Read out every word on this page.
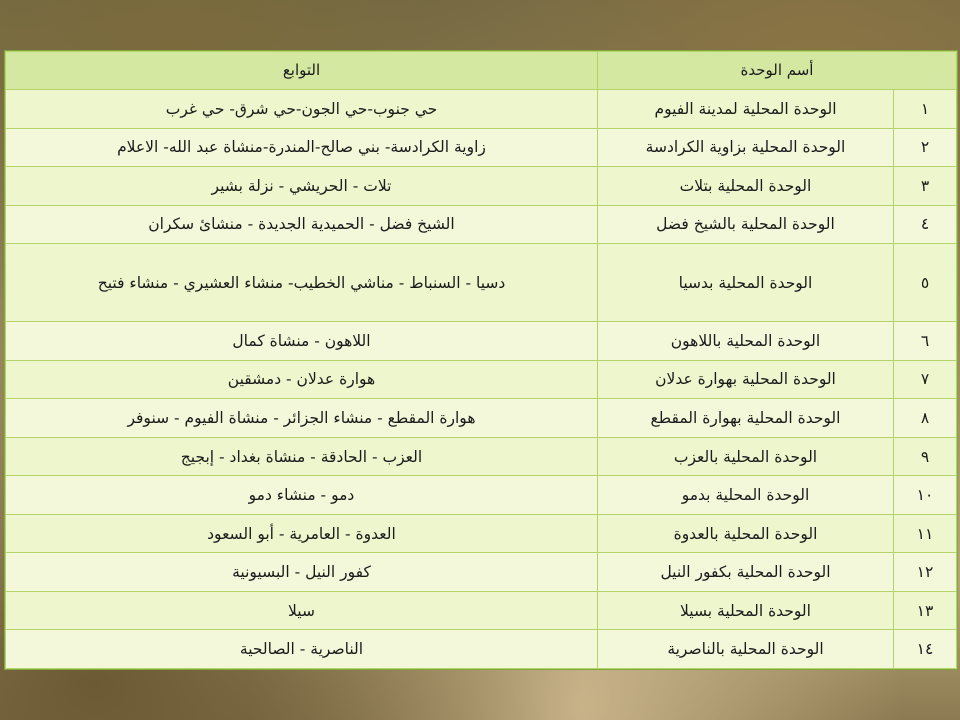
أسم الوحدة		التوابع
١	الوحدة المحلية لمدينة الفيوم	حي جنوب-حي الجون-حي شرق- حي غرب
٢	الوحدة المحلية بزاوية الكرادسة	زاوية الكرادسة- بني صالح-المندرة-منشاة عبد الله- الاعلام
٣	الوحدة المحلية بتلات	تلات - الحريشي - نزلة بشير
٤	الوحدة المحلية بالشيخ فضل	الشيخ فضل - الحميدية الجديدة - منشاىٔ سكران
٥	الوحدة المحلية بدسيا	دسيا - السنباط - مناشي الخطيب- منشاء العشيري - منشاء فتيح
٦	الوحدة المحلية باللاهون	اللاهون - منشاة كمال
٧	الوحدة المحلية بهوارة عدلان	هوارة عدلان - دمشقين
٨	الوحدة المحلية بهوارة المقطع	هوارة المقطع - منشاء الجزائر - منشاة الفيوم - سنوفر
٩	الوحدة المحلية بالعزب	العزب - الحادقة - منشاة بغداد - إبجيج
١٠	الوحدة المحلية بدمو	دمو - منشاء دمو
١١	الوحدة المحلية بالعدوة	العدوة - العامرية - أبو السعود
١٢	الوحدة المحلية بكفور النيل	كفور النيل - البسيونية
١٣	الوحدة المحلية بسيلا	سيلا
١٤	الوحدة المحلية بالناصرية	الناصرية - الصالحية
